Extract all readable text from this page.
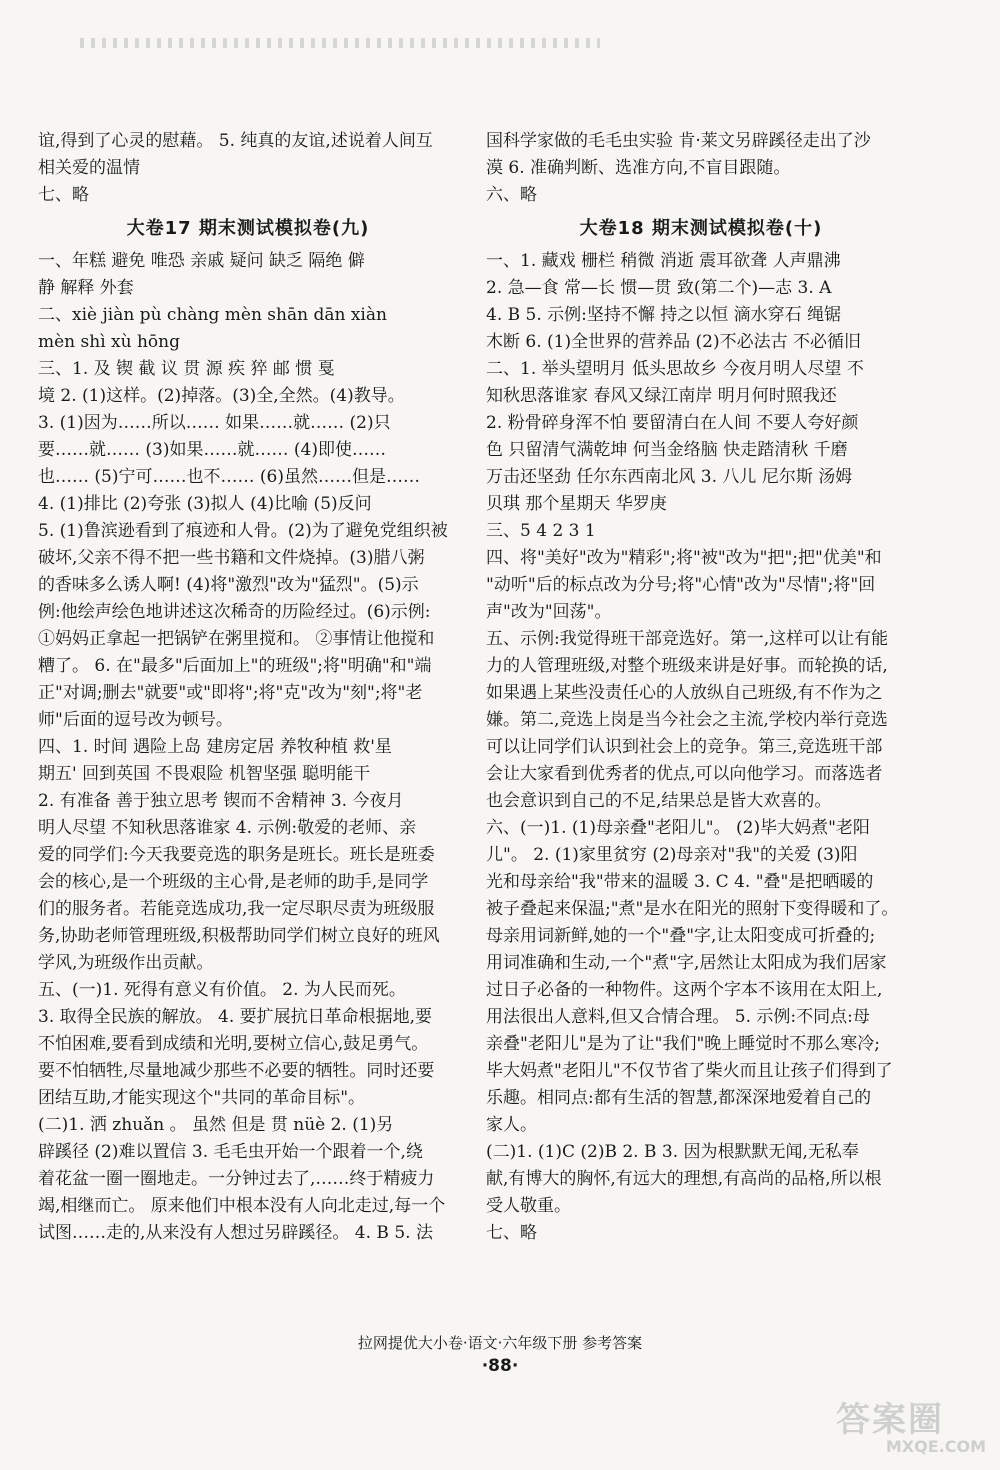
谊,得到了心灵的慰藉。 5. 纯真的友谊,述说着人间互

相关爱的温情

七、略

大卷17 期末测试模拟卷(九)

一、年糕 避免 唯恐 亲戚 疑问 缺乏 隔绝 僻

静 解释 外套

二、xiè jiàn pù chàng mèn shān dān xiàn

mèn shì xù hōng

三、1. 及 锲 截 议 贯 源 疾 猝 邮 惯 戛

境 2. (1)这样。(2)掉落。(3)全,全然。(4)教导。

3. (1)因为……所以…… 如果……就…… (2)只

要……就…… (3)如果……就…… (4)即使……

也…… (5)宁可……也不…… (6)虽然……但是……

4. (1)排比 (2)夸张 (3)拟人 (4)比喻 (5)反问

5. (1)鲁滨逊看到了痕迹和人骨。(2)为了避免党组织被

破坏,父亲不得不把一些书籍和文件烧掉。(3)腊八粥

的香味多么诱人啊! (4)将"激烈"改为"猛烈"。(5)示

例:他绘声绘色地讲述这次稀奇的历险经过。(6)示例:

①妈妈正拿起一把锅铲在粥里搅和。 ②事情让他搅和

糟了。 6. 在"最多"后面加上"的班级";将"明确"和"端

正"对调;删去"就要"或"即将";将"克"改为"刻";将"老

师"后面的逗号改为顿号。

四、1. 时间 遇险上岛 建房定居 养牧种植 救'星

期五' 回到英国 不畏艰险 机智坚强 聪明能干

2. 有准备 善于独立思考 锲而不舍精神 3. 今夜月

明人尽望 不知秋思落谁家 4. 示例:敬爱的老师、亲

爱的同学们:今天我要竞选的职务是班长。班长是班委

会的核心,是一个班级的主心骨,是老师的助手,是同学

们的服务者。若能竞选成功,我一定尽职尽责为班级服

务,协助老师管理班级,积极帮助同学们树立良好的班风

学风,为班级作出贡献。

五、(一)1. 死得有意义有价值。 2. 为人民而死。

3. 取得全民族的解放。 4. 要扩展抗日革命根据地,要

不怕困难,要看到成绩和光明,要树立信心,鼓足勇气。

要不怕牺牲,尽量地减少那些不必要的牺牲。同时还要

团结互助,才能实现这个"共同的革命目标"。

(二)1. 洒 zhuǎn 。 虽然 但是 贯 nüè 2. (1)另

辟蹊径 (2)难以置信 3. 毛毛虫开始一个跟着一个,绕

着花盆一圈一圈地走。一分钟过去了,……终于精疲力

竭,相继而亡。 原来他们中根本没有人向北走过,每一个

试图……走的,从来没有人想过另辟蹊径。 4. B 5. 法

国科学家做的毛毛虫实验 肯·莱文另辟蹊径走出了沙

漠 6. 准确判断、选准方向,不盲目跟随。

六、略

大卷18 期末测试模拟卷(十)

一、1. 藏戏 栅栏 稍微 消逝 震耳欲聋 人声鼎沸

2. 急—食 常—长 惯—贯 致(第二个)—志 3. A

4. B 5. 示例:坚持不懈 持之以恒 滴水穿石 绳锯

木断 6. (1)全世界的营养品 (2)不必法古 不必循旧

二、1. 举头望明月 低头思故乡 今夜月明人尽望 不

知秋思落谁家 春风又绿江南岸 明月何时照我还

2. 粉骨碎身浑不怕 要留清白在人间 不要人夸好颜

色 只留清气满乾坤 何当金络脑 快走踏清秋 千磨

万击还坚劲 任尔东西南北风 3. 八儿 尼尔斯 汤姆

贝琪 那个星期天 华罗庚

三、5 4 2 3 1

四、将"美好"改为"精彩";将"被"改为"把";把"优美"和

"动听"后的标点改为分号;将"心情"改为"尽情";将"回

声"改为"回荡"。

五、示例:我觉得班干部竞选好。第一,这样可以让有能

力的人管理班级,对整个班级来讲是好事。而轮换的话,

如果遇上某些没责任心的人放纵自己班级,有不作为之

嫌。第二,竞选上岗是当今社会之主流,学校内举行竞选

可以让同学们认识到社会上的竞争。第三,竞选班干部

会让大家看到优秀者的优点,可以向他学习。而落选者

也会意识到自己的不足,结果总是皆大欢喜的。

六、(一)1. (1)母亲叠"老阳儿"。 (2)毕大妈煮"老阳

儿"。 2. (1)家里贫穷 (2)母亲对"我"的关爱 (3)阳

光和母亲给"我"带来的温暖 3. C 4. "叠"是把晒暖的

被子叠起来保温;"煮"是水在阳光的照射下变得暖和了。

母亲用词新鲜,她的一个"叠"字,让太阳变成可折叠的;

用词准确和生动,一个"煮"字,居然让太阳成为我们居家

过日子必备的一种物件。这两个字本不该用在太阳上,

用法很出人意料,但又合情合理。 5. 示例:不同点:母

亲叠"老阳儿"是为了让"我们"晚上睡觉时不那么寒冷;

毕大妈煮"老阳儿"不仅节省了柴火而且让孩子们得到了

乐趣。相同点:都有生活的智慧,都深深地爱着自己的

家人。

(二)1. (1)C (2)B 2. B 3. 因为根默默无闻,无私奉

献,有博大的胸怀,有远大的理想,有高尚的品格,所以根

受人敬重。

七、略

拉网提优大小卷·语文·六年级下册 参考答案
·88·
答案圈
MXQE.COM
